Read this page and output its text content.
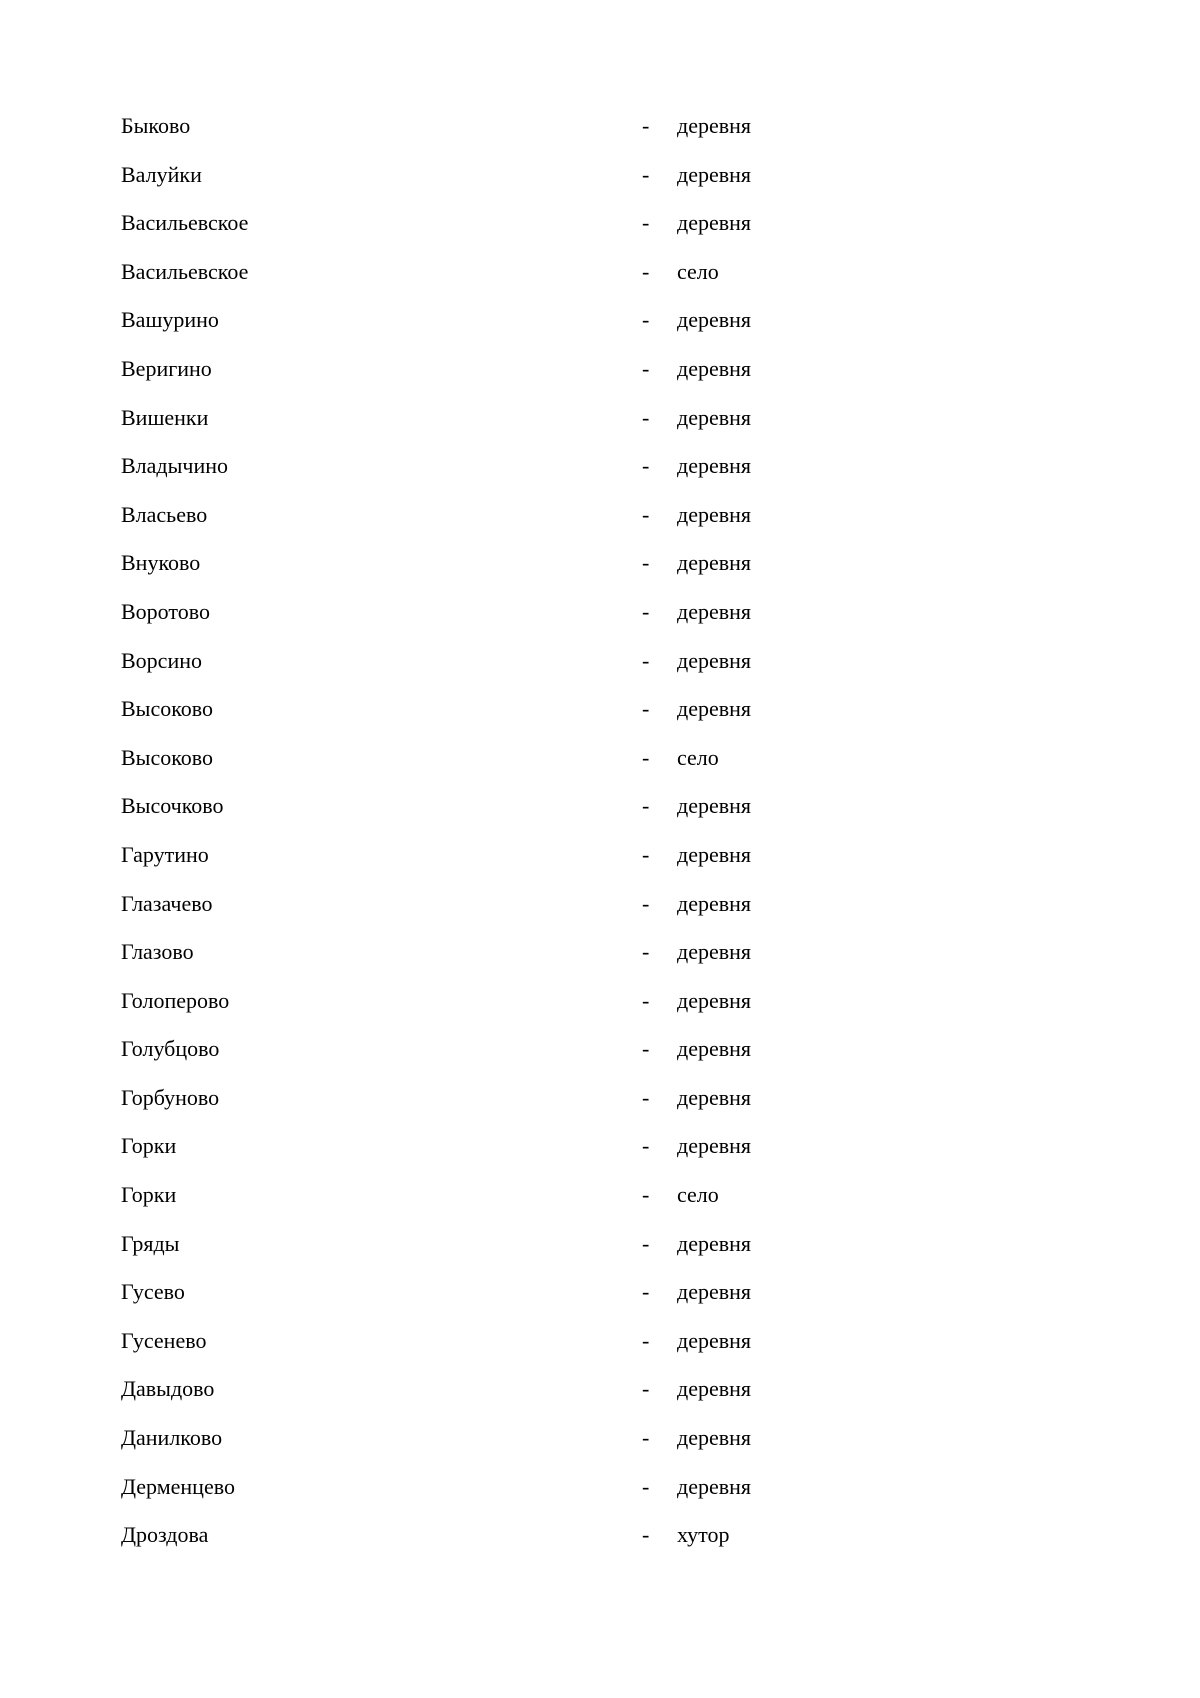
Быково	- деревня
Валуйки	- деревня
Васильевское	- деревня
Васильевское	- село
Вашурино	- деревня
Веригино	- деревня
Вишенки	- деревня
Владычино	- деревня
Власьево	- деревня
Внуково	- деревня
Воротово	- деревня
Ворсино	- деревня
Высоково	- деревня
Высоково	- село
Высочково	- деревня
Гарутино	- деревня
Глазачево	- деревня
Глазово	- деревня
Голоперово	- деревня
Голубцово	- деревня
Горбуново	- деревня
Горки	- деревня
Горки	- село
Гряды	- деревня
Гусево	- деревня
Гусенево	- деревня
Давыдово	- деревня
Данилково	- деревня
Дерменцево	- деревня
Дроздова	- хутор
